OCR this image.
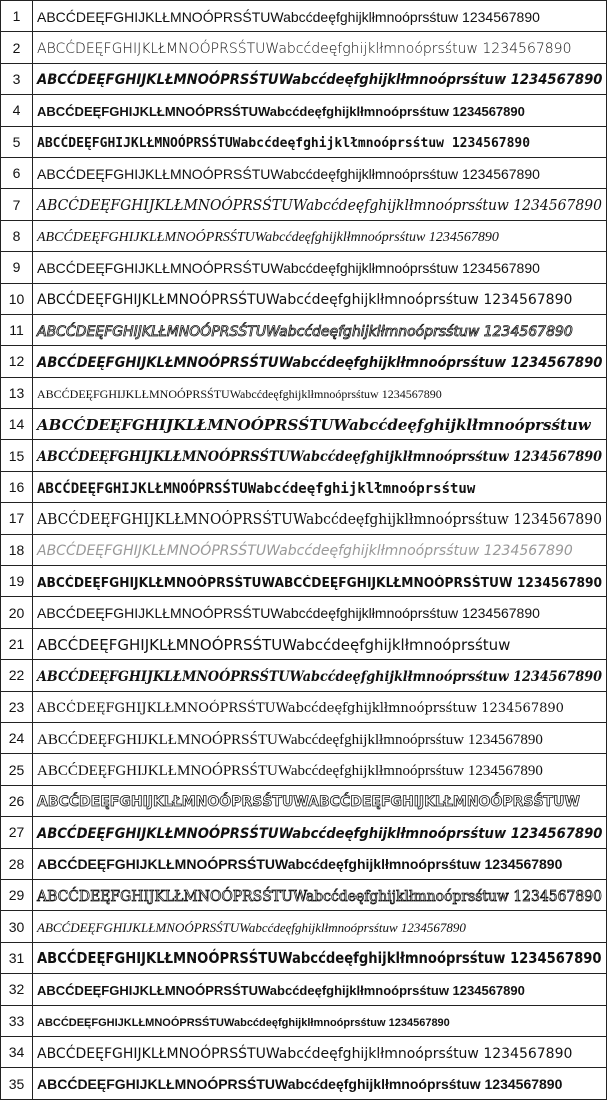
1	ABCĆDEĘFGHIJKLŁMNOÓPRSŚTUWabcćdeęfghijklłmnoóprsśtuw 1234567890
2	ABCĆDEĘFGHIJKLŁMNOÓPRSŚTUWabcćdeęfghijklłmnoóprsśtuw 1234567890
3	ABCĆDEĘFGHIJKLŁMNOÓPRSŚTUWabcćdeęfghijklłmnoóprsśtuw 1234567890
4	ABCĆDEĘFGHIJKLŁMNOÓPRSŚTUWabcćdeęfghijklłmnoóprsśtuw 1234567890
5	ABCĆDEĘFGHIJKLŁMNOÓPRSŚTUWabcćdeęfghijklłmnoóprsśtuw 1234567890
6	ABCĆDEĘFGHIJKLŁMNOÓPRSŚTUWabcćdeęfghijklłmnoóprsśtuw 1234567890
7	ABCĆDEĘFGHIJKLŁMNOÓPRSŚTUWabcćdeęfghijklłmnoóprsśtuw 1234567890
8	ABCĆDEĘFGHIJKLŁMNOÓPRSŚTUWabcćdeęfghijklłmnoóprsśtuw 1234567890
9	ABCĆDEĘFGHIJKLŁMNOÓPRSŚTUWabcćdeęfghijklłmnoóprsśtuw 1234567890
10	ABCĆDEĘFGHIJKLŁMNOÓPRSŚTUWabcćdeęfghijklłmnoóprsśtuw 1234567890
11	ABCĆDEĘFGHIJKLŁMNOÓPRSŚTUWabcćdeęfghijklłmnoóprsśtuw 1234567890
12	ABCĆDEĘFGHIJKLŁMNOÓPRSŚTUWabcćdeęfghijklłmnoóprsśtuw 1234567890
13	ABCĆDEĘFGHIJKLŁMNOÓPRSŚTUWabcćdeęfghijklłmnoóprsśtuw 1234567890
14	ABCĆDEĘFGHIJKLŁMNOÓPRSŚTUWabcćdeęfghijklłmnoóprsśtuw
15	ABCĆDEĘFGHIJKLŁMNOÓPRSŚTUWabcćdeęfghijklłmnoóprsśtuw 1234567890
16	ABCĆDEĘFGHIJKLŁMNOÓPRSŚTUWabcćdeęfghijklłmnoóprsśtuw
17	ABCĆDEĘFGHIJKLŁMNOÓPRSŚTUWabcćdeęfghijklłmnoóprsśtuw 1234567890
18	ABCĆDEĘFGHIJKLŁMNOÓPRSŚTUWabcćdeęfghijklłmnoóprsśtuw 1234567890
19	ABCĆDEĘFGHIJKLŁMNOÓPRSŚTUWABCĆDEĘFGHIJKLŁMNOÓPRSŚTUW 1234567890
20	ABCĆDEĘFGHIJKLŁMNOÓPRSŚTUWabcćdeęfghijklłmnoóprsśtuw 1234567890
21	ABCĆDEĘFGHIJKLŁMNOÓPRSŚTUWabcćdeęfghijklłmnoóprsśtuw
22	ABCĆDEĘFGHIJKLŁMNOÓPRSŚTUWabcćdeęfghijklłmnoóprsśtuw 1234567890
23	ABCĆDEĘFGHIJKLŁMNOÓPRSŚTUWabcćdeęfghijklłmnoóprsśtuw 1234567890
24	ABCĆDEĘFGHIJKLŁMNOÓPRSŚTUWabcćdeęfghijklłmnoóprsśtuw 1234567890
25	ABCĆDEĘFGHIJKLŁMNOÓPRSŚTUWabcćdeęfghijklłmnoóprsśtuw 1234567890
26	ABCĆDEĘFGHIJKLŁMNOÓPRSŚTUWABCĆDEĘFGHIJKLŁMNOÓPRSŚTUW
27	ABCĆDEĘFGHIJKLŁMNOÓPRSŚTUWabcćdeęfghijklłmnoóprsśtuw 1234567890
28	ABCĆDEĘFGHIJKLŁMNOÓPRSŚTUWabcćdeęfghijklłmnoóprsśtuw 1234567890
29	ABCĆDEĘFGHIJKLŁMNOÓPRSŚTUWabcćdeęfghijklłmnoóprsśtuw 1234567890
30	ABCĆDEĘFGHIJKLŁMNOÓPRSŚTUWabcćdeęfghijklłmnoóprsśtuw 1234567890
31	ABCĆDEĘFGHIJKLŁMNOÓPRSŚTUWabcćdeęfghijklłmnoóprsśtuw 1234567890
32	ABCĆDEĘFGHIJKLŁMNOÓPRSŚTUWabcćdeęfghijklłmnoóprsśtuw 1234567890
33	ABCĆDEĘFGHIJKLŁMNOÓPRSŚTUWabcćdeęfghijklłmnoóprsśtuw 1234567890
34	ABCĆDEĘFGHIJKLŁMNOÓPRSŚTUWabcćdeęfghijklłmnoóprsśtuw 1234567890
35	ABCĆDEĘFGHIJKLŁMNOÓPRSŚTUWabcćdeęfghijklłmnoóprsśtuw 1234567890
